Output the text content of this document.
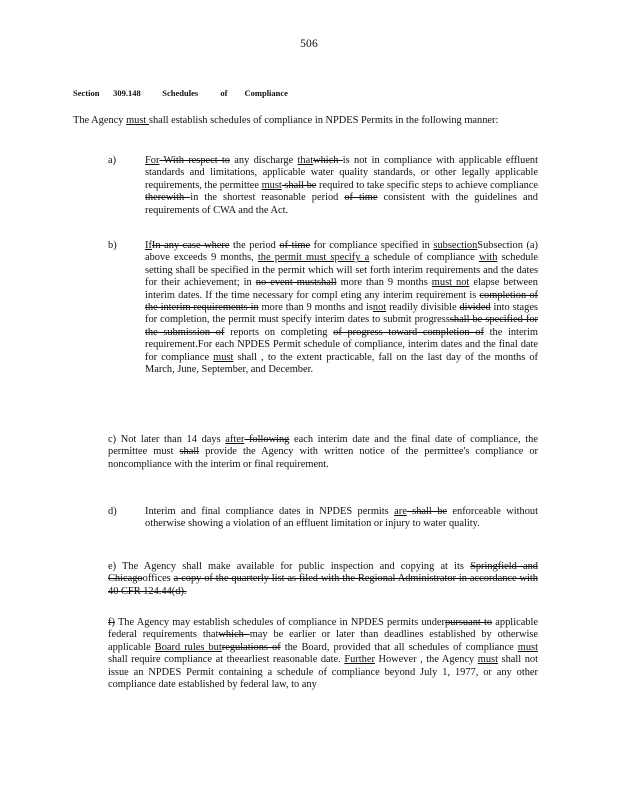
506
Section 309.148	Schedules	of Compliance
The Agency must shall establish schedules of compliance in NPDES Permits in the following manner:
a)	For With respect to any discharge thatwhich is not in compliance with applicable effluent standards and limitations, applicable water quality standards, or other legally applicable requirements, the permittee must shall be required to take specific steps to achieve compliance therewith in the shortest reasonable period of time consistent with the guidelines and requirements of CWA and the Act.
b)	IfIn any case where the period of time for compliance specified in subsectionSubsection (a) above exceeds 9 months, the permit must specify a schedule of compliance with schedule setting shall be specified in the permit which will set forth interim requirements and the dates for their achievement; in no event mustshall more than 9 months must not elapse between interim dates. If the time necessary for compl eting any interim requirement is completion of the interim requirements in more than 9 months and isnot readily divisible divided into stages for completion, the permit must specify interim dates to submit progressshall be specified for the submission of reports on completing of progress toward completion of the interim requirement.For each NPDES Permit schedule of compliance, interim dates and the final date for compliance must shall , to the extent practicable, fall on the last day of the months of March, June, September, and December.
c) Not later than 14 days after following each interim date and the final date of compliance, the permittee must shall provide the Agency with written notice of the permittee's compliance or noncompliance with the interim or final requirement.
d)	Interim and final compliance dates in NPDES permits are shall be enforceable without otherwise showing a violation of an effluent limitation or injury to water quality.
e) The Agency shall make available for public inspection and copying at its Springfield and Chicagooffices a copy of the quarterly list as filed with the Regional Administrator in accordance with 40 CFR 124.44(d).
f) The Agency may establish schedules of compliance in NPDES permits underpursuant to applicable federal requirements thatwhich may be earlier or later than deadlines established by otherwise applicable Board rules butregulations of the Board, provided that all schedules of compliance must shall require compliance at theearliest reasonable date. Further However , the Agency must shall not issue an NPDES Permit containing a schedule of compliance beyond July 1, 1977, or any other compliance date established by federal law, to any
